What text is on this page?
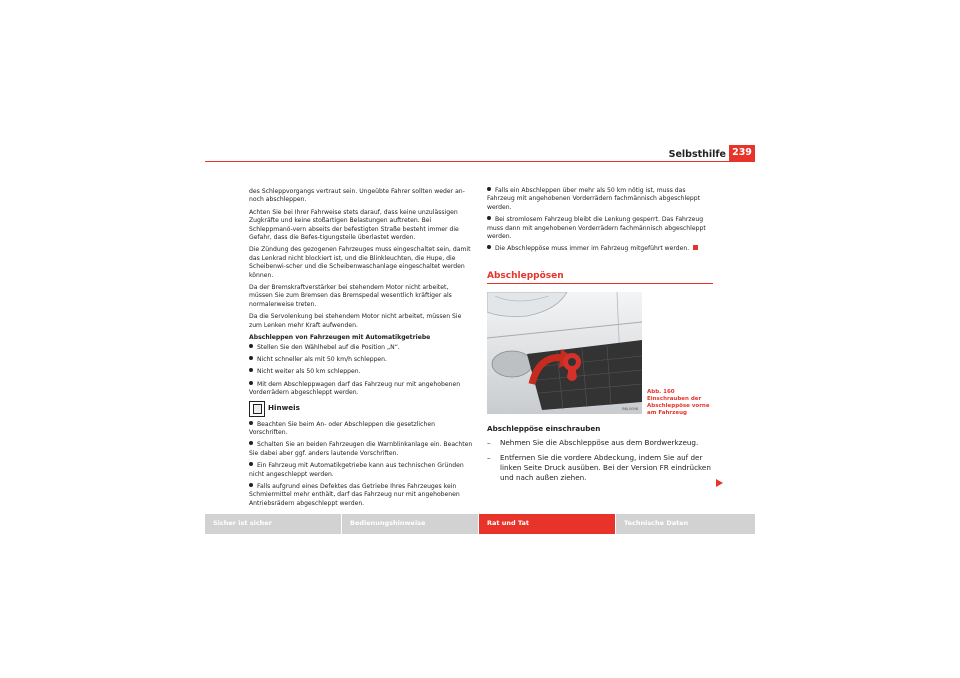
Selbsthilfe 239

des Schleppvorgangs vertraut sein. Ungeübte Fahrer sollten weder an- noch abschleppen.

Achten Sie bei Ihrer Fahrweise stets darauf, dass keine unzulässigen Zugkräfte und keine stoßartigen Belastungen auftreten. Bei Schleppmanö-vern abseits der befestigten Straße besteht immer die Gefahr, dass die Befes-tigungsteile überlastet werden.

Die Zündung des gezogenen Fahrzeuges muss eingeschaltet sein, damit das Lenkrad nicht blockiert ist, und die Blinkleuchten, die Hupe, die Scheibenwi-scher und die Scheibenwaschanlage eingeschaltet werden können.

Da der Bremskraftverstärker bei stehendem Motor nicht arbeitet, müssen Sie zum Bremsen das Bremspedal wesentlich kräftiger als normalerweise treten.

Da die Servolenkung bei stehendem Motor nicht arbeitet, müssen Sie zum Lenken mehr Kraft aufwenden.

Abschleppen von Fahrzeugen mit Automatikgetriebe

Stellen Sie den Wählhebel auf die Position „N“.
Nicht schneller als mit 50 km/h schleppen.
Nicht weiter als 50 km schleppen.
Mit dem Abschleppwagen darf das Fahrzeug nur mit angehobenen Vorderrädern abgeschleppt werden.
Hinweis
Beachten Sie beim An- oder Abschleppen die gesetzlichen Vorschriften.
Schalten Sie an beiden Fahrzeugen die Warnblinkanlage ein. Beachten Sie dabei aber ggf. anders lautende Vorschriften.
Ein Fahrzeug mit Automatikgetriebe kann aus technischen Gründen nicht angeschleppt werden.
Falls aufgrund eines Defektes das Getriebe Ihres Fahrzeuges kein Schmiermittel mehr enthält, darf das Fahrzeug nur mit angehobenen Antriebsrädern abgeschleppt werden.
Falls ein Abschleppen über mehr als 50 km nötig ist, muss das Fahrzeug mit angehobenen Vorderrädern fachmännisch abgeschleppt werden.
Bei stromlosem Fahrzeug bleibt die Lenkung gesperrt. Das Fahrzeug muss dann mit angehobenen Vorderrädern fachmännisch abgeschleppt werden.
Die Abschleppöse muss immer im Fahrzeug mitgeführt werden.
Abschleppösen
B6J-0098
Abb. 160 Einschrauben der Abschleppöse vorne am Fahrzeug
Abschleppöse einschrauben
– Nehmen Sie die Abschleppöse aus dem Bordwerkzeug.
– Entfernen Sie die vordere Abdeckung, indem Sie auf der linken Seite Druck ausüben. Bei der Version FR eindrücken und nach außen ziehen.
Sicher ist sicher	Bedienungshinweise	Rat und Tat	Technische Daten
